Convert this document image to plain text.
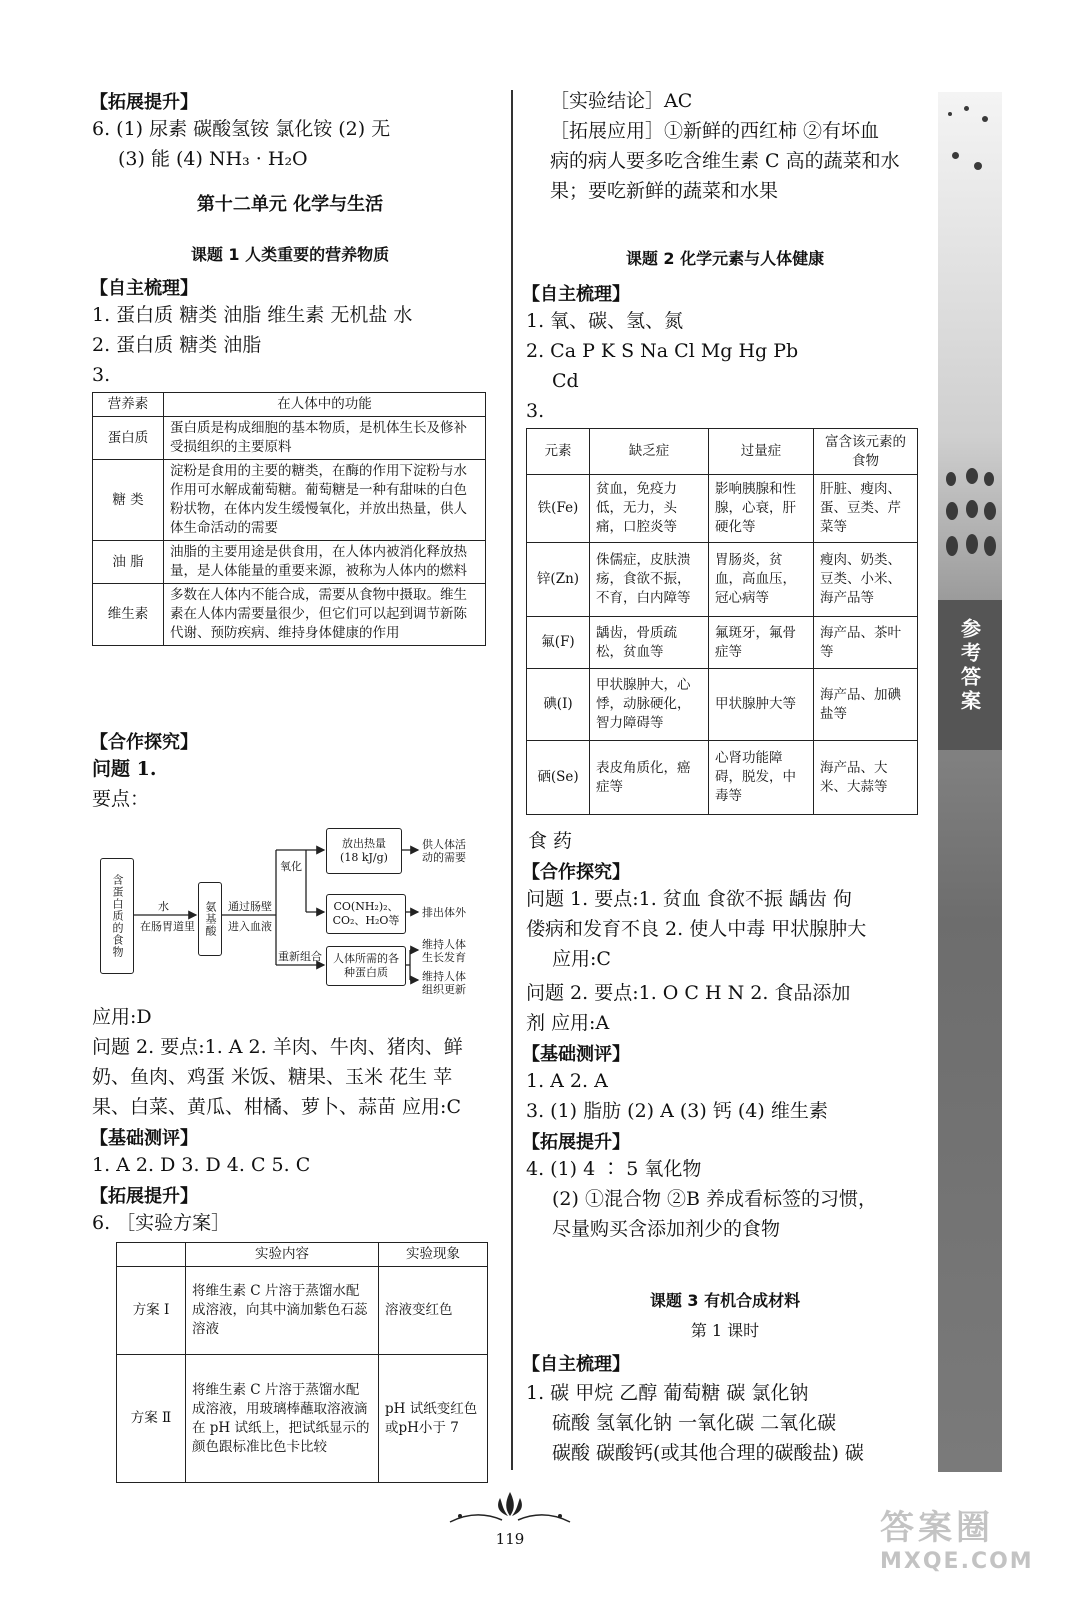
【拓展提升】
6. (1) 尿素 碳酸氢铵 氯化铵 (2) 无
(3) 能 (4) NH₃ · H₂O
第十二单元 化学与生活
课题 1 人类重要的营养物质
【自主梳理】
1. 蛋白质 糖类 油脂 维生素 无机盐 水
2. 蛋白质 糖类 油脂
3.
营养素	在人体中的功能
蛋白质	蛋白质是构成细胞的基本物质，是机体生长及修补受损组织的主要原料
糖 类	淀粉是食用的主要的糖类，在酶的作用下淀粉与水作用可水解成葡萄糖。葡萄糖是一种有甜味的白色粉状物，在体内发生缓慢氧化，并放出热量，供人体生命活动的需要
油 脂	油脂的主要用途是供食用，在人体内被消化释放热量，是人体能量的重要来源，被称为人体内的燃料
维生素	多数在人体内不能合成，需要从食物中摄取。维生素在人体内需要量很少，但它们可以起到调节新陈代谢、预防疾病、维持身体健康的作用
【合作探究】
问题 1.
要点：
含蛋白质的食物	水
在肠胃道里 氨基酸 通过肠壁
进入血液
氧化
重新组合
放出热量
(18 kJ/g)
CO(NH₂)₂、CO₂、H₂O等
人体所需的各种蛋白质
供人体活动的需要
排出体外
维持人体生长发育
维持人体组织更新
应用:D
问题 2. 要点:1. A 2. 羊肉、牛肉、猪肉、鲜
奶、鱼肉、鸡蛋 米饭、糖果、玉米 花生 苹
果、白菜、黄瓜、柑橘、萝卜、蒜苗 应用:C
【基础测评】
1. A 2. D 3. D 4. C 5. C
【拓展提升】
6. ［实验方案］
	实验内容	实验现象
方案 Ⅰ	将维生素 C 片溶于蒸馏水配成溶液，向其中滴加紫色石蕊溶液	溶液变红色
方案 Ⅱ	将维生素 C 片溶于蒸馏水配成溶液，用玻璃棒蘸取溶液滴在 pH 试纸上，把试纸显示的颜色跟标准比色卡比较	pH 试纸变红色或pH小于 7
［实验结论］AC
［拓展应用］①新鲜的西红柿 ②有坏血
病的病人要多吃含维生素 C 高的蔬菜和水
果；要吃新鲜的蔬菜和水果
课题 2 化学元素与人体健康
【自主梳理】
1. 氧、碳、氢、氮
2. Ca P K S Na Cl Mg Hg Pb
Cd
3.
元素	缺乏症	过量症	富含该元素的食物
铁(Fe)	贫血，免疫力低，无力，头痛，口腔炎等	影响胰腺和性腺，心衰，肝硬化等	肝脏、瘦肉、蛋、豆类、芹菜等
锌(Zn)	侏儒症，皮肤溃疡，食欲不振，不育，白内障等	胃肠炎，贫血，高血压，冠心病等	瘦肉、奶类、豆类、小米、海产品等
氟(F)	龋齿，骨质疏松，贫血等	氟斑牙，氟骨症等	海产品、茶叶等
碘(I)	甲状腺肿大，心悸，动脉硬化，智力障碍等	甲状腺肿大等	海产品、加碘盐等
硒(Se)	表皮角质化，癌症等	心肾功能障碍，脱发，中毒等	海产品、大米、大蒜等
食 药
【合作探究】
问题 1. 要点:1. 贫血 食欲不振 龋齿 佝
偻病和发育不良 2. 使人中毒 甲状腺肿大
应用:C
问题 2. 要点:1. O C H N 2. 食品添加
剂 应用:A
【基础测评】
1. A 2. A
3. (1) 脂肪 (2) A (3) 钙 (4) 维生素
【拓展提升】
4. (1) 4 ∶ 5 氧化物
(2) ①混合物 ②B 养成看标签的习惯，
尽量购买含添加剂少的食物
课题 3 有机合成材料
第 1 课时
【自主梳理】
1. 碳 甲烷 乙醇 葡萄糖 碳 氯化钠
硫酸 氢氧化钠 一氧化碳 二氧化碳
碳酸 碳酸钙(或其他合理的碳酸盐) 碳
参考答案
119	答案圈
MXQE.COM
